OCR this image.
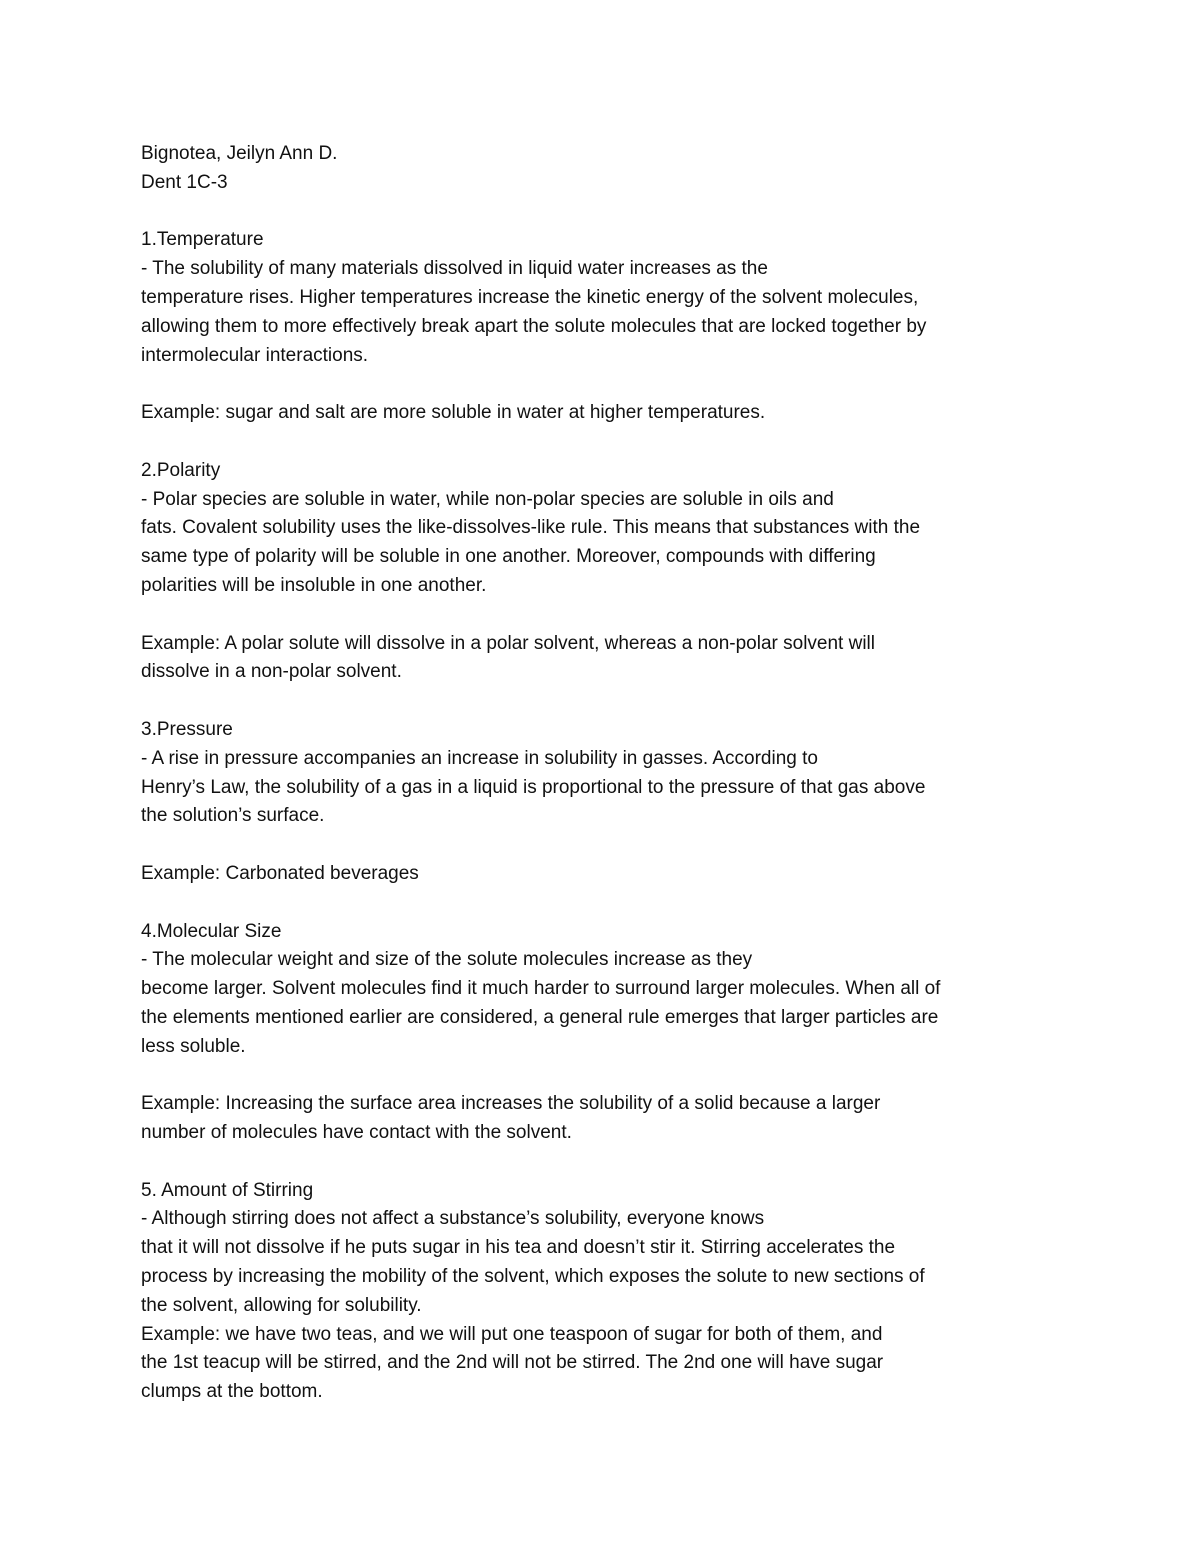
Bignotea, Jeilyn Ann D.
Dent 1C-3
1.Temperature
- The solubility of many materials dissolved in liquid water increases as the
temperature rises. Higher temperatures increase the kinetic energy of the solvent molecules,
allowing them to more effectively break apart the solute molecules that are locked together by
intermolecular interactions.
Example: sugar and salt are more soluble in water at higher temperatures.
2.Polarity
- Polar species are soluble in water, while non-polar species are soluble in oils and
fats. Covalent solubility uses the like-dissolves-like rule. This means that substances with the
same type of polarity will be soluble in one another. Moreover, compounds with differing
polarities will be insoluble in one another.
Example: A polar solute will dissolve in a polar solvent, whereas a non-polar solvent will
dissolve in a non-polar solvent.
3.Pressure
- A rise in pressure accompanies an increase in solubility in gasses. According to
Henry’s Law, the solubility of a gas in a liquid is proportional to the pressure of that gas above
the solution’s surface.
Example: Carbonated beverages
4.Molecular Size
- The molecular weight and size of the solute molecules increase as they
become larger. Solvent molecules find it much harder to surround larger molecules. When all of
the elements mentioned earlier are considered, a general rule emerges that larger particles are
less soluble.
Example: Increasing the surface area increases the solubility of a solid because a larger
number of molecules have contact with the solvent.
5. Amount of Stirring
- Although stirring does not affect a substance’s solubility, everyone knows
that it will not dissolve if he puts sugar in his tea and doesn’t stir it. Stirring accelerates the
process by increasing the mobility of the solvent, which exposes the solute to new sections of
the solvent, allowing for solubility.
Example: we have two teas, and we will put one teaspoon of sugar for both of them, and
the 1st teacup will be stirred, and the 2nd will not be stirred. The 2nd one will have sugar
clumps at the bottom.
